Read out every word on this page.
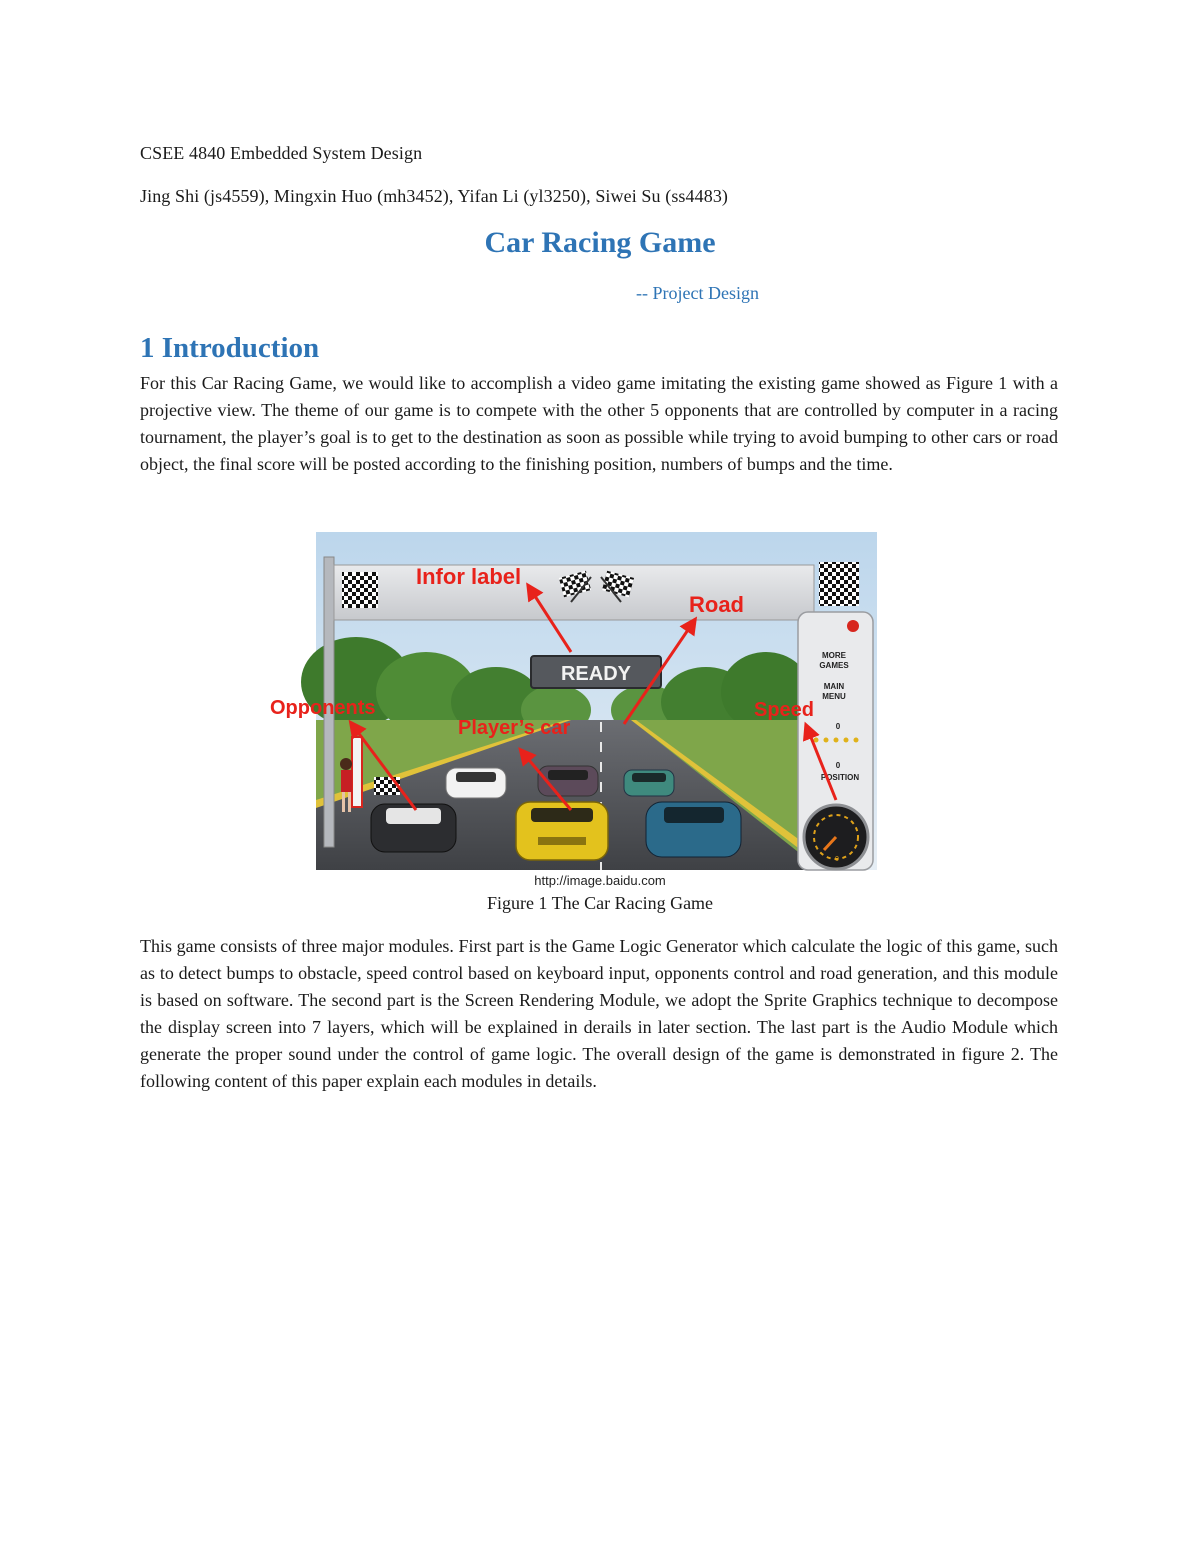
CSEE 4840 Embedded System Design
Jing Shi (js4559), Mingxin Huo (mh3452), Yifan Li (yl3250), Siwei Su (ss4483)
Car Racing Game
-- Project Design
1 Introduction

For this Car Racing Game, we would like to accomplish a video game imitating the existing game showed as Figure 1 with a projective view. The theme of our game is to compete with the other 5 opponents that are controlled by computer in a racing tournament, the player’s goal is to get to the destination as soon as possible while trying to avoid bumping to other cars or road object, the final score will be posted according to the finishing position, numbers of bumps and the time.

READY
MORE
GAMES
MAIN
MENU
0
0
POSITION
0
Infor label
Road
Opponents
Player’s car
Speed
http://image.baidu.com
Figure 1 The Car Racing Game

This game consists of three major modules. First part is the Game Logic Generator which calculate the logic of this game, such as to detect bumps to obstacle, speed control based on keyboard input, opponents control and road generation, and this module is based on software. The second part is the Screen Rendering Module, we adopt the Sprite Graphics technique to decompose the display screen into 7 layers, which will be explained in derails in later section. The last part is the Audio Module which generate the proper sound under the control of game logic. The overall design of the game is demonstrated in figure 2. The following content of this paper explain each modules in details.
